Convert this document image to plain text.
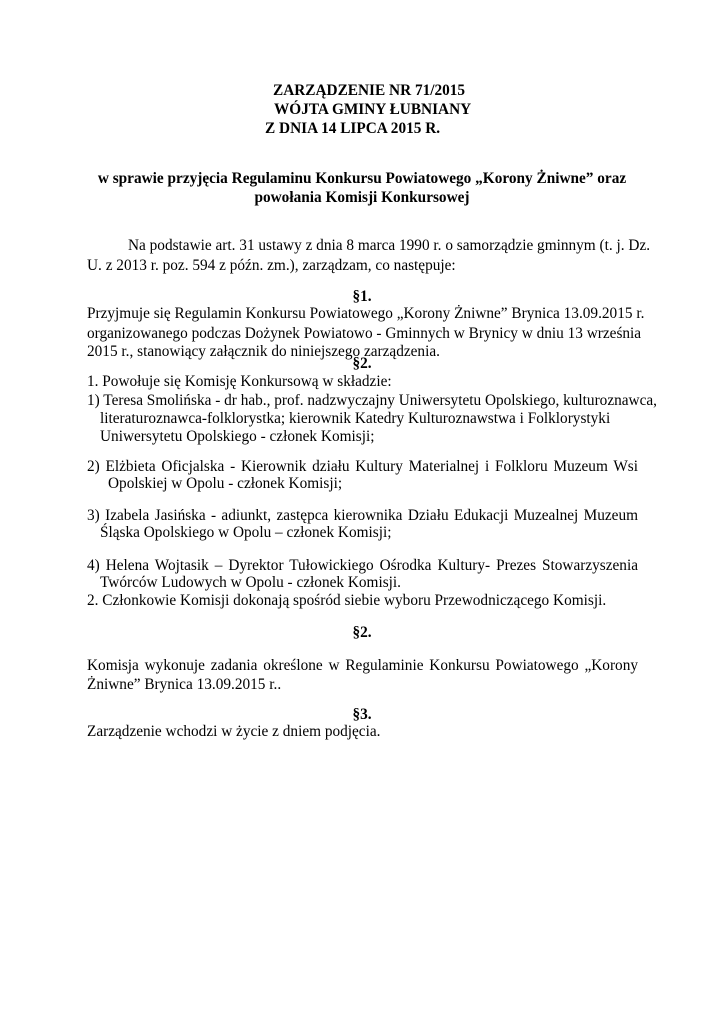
ZARZĄDZENIE NR 71/2015
WÓJTA GMINY ŁUBNIANY
Z DNIA 14 LIPCA 2015 R.
w sprawie przyjęcia Regulaminu Konkursu Powiatowego „Korony Żniwne” oraz
powołania Komisji Konkursowej
Na podstawie art. 31 ustawy z dnia 8 marca 1990 r. o samorządzie gminnym (t. j. Dz.
U. z 2013 r. poz. 594 z późn. zm.), zarządzam, co następuje:
§1.
Przyjmuje się Regulamin Konkursu Powiatowego „Korony Żniwne” Brynica 13.09.2015 r.
organizowanego podczas Dożynek Powiatowo - Gminnych w Brynicy w dniu 13 września
2015 r., stanowiący załącznik do niniejszego zarządzenia.
§2.
1. Powołuje się Komisję Konkursową w składzie:
1) Teresa Smolińska - dr hab., prof. nadzwyczajny Uniwersytetu Opolskiego, kulturoznawca,
literaturoznawca-folklorystka; kierownik Katedry Kulturoznawstwa i Folklorystyki
Uniwersytetu Opolskiego - członek Komisji;
2) Elżbieta Oficjalska - Kierownik działu Kultury Materialnej i Folkloru Muzeum Wsi
Opolskiej w Opolu - członek Komisji;
3) Izabela Jasińska - adiunkt, zastępca kierownika Działu Edukacji Muzealnej Muzeum
Śląska Opolskiego w Opolu – członek Komisji;
4) Helena Wojtasik – Dyrektor Tułowickiego Ośrodka Kultury- Prezes Stowarzyszenia
Twórców Ludowych w Opolu - członek Komisji.
2. Członkowie Komisji dokonają spośród siebie wyboru Przewodniczącego Komisji.
§2.
Komisja wykonuje zadania określone w Regulaminie Konkursu Powiatowego „Korony
Żniwne” Brynica 13.09.2015 r..
§3.
Zarządzenie wchodzi w życie z dniem podjęcia.
